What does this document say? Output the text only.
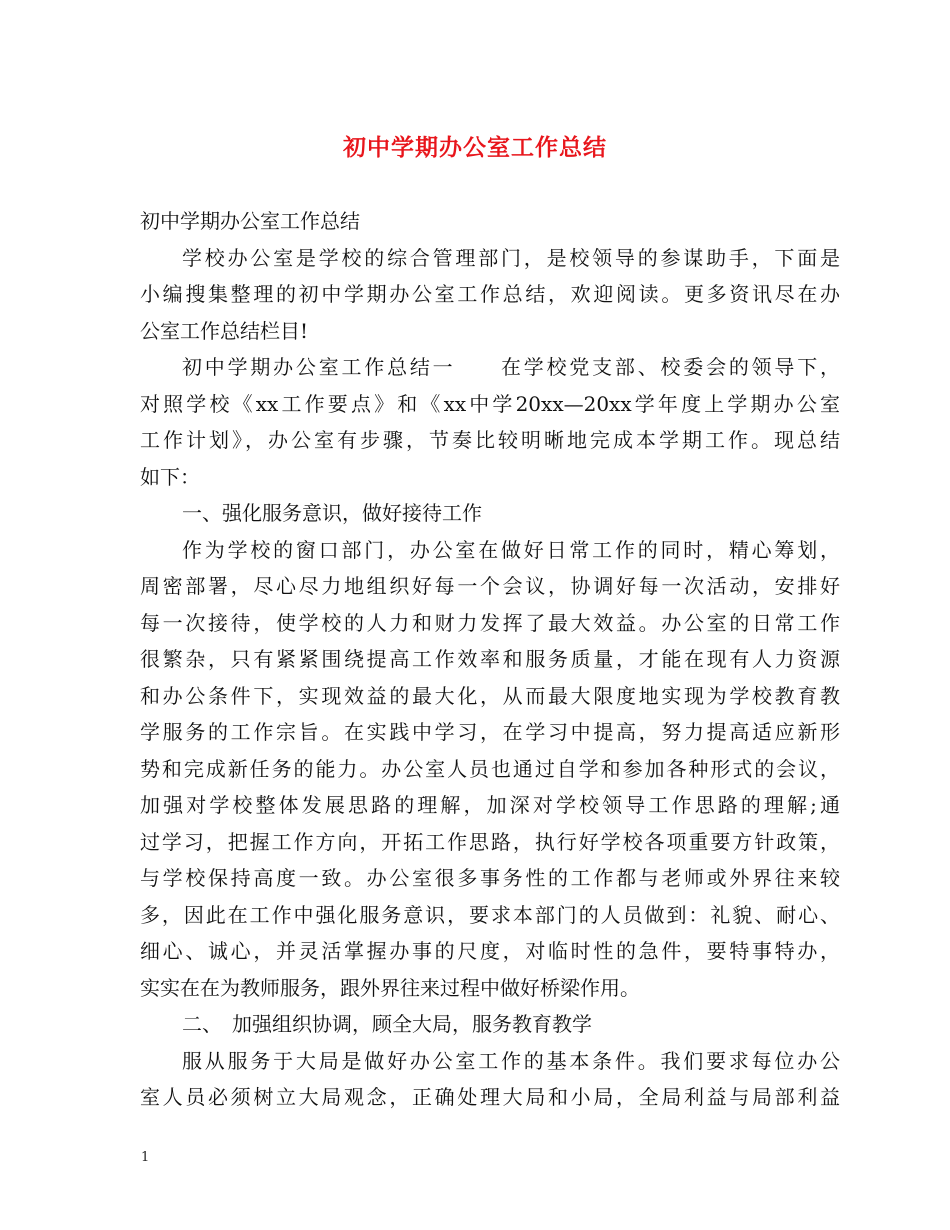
初中学期办公室工作总结

初中学期办公室工作总结

学校办公室是学校的综合管理部门，是校领导的参谋助手，下面是

小编搜集整理的初中学期办公室工作总结，欢迎阅读。更多资讯尽在办

公室工作总结栏目!

初中学期办公室工作总结一　　在学校党支部、校委会的领导下，

对照学校《xx工作要点》和《xx中学20xx—20xx学年度上学期办公室

工作计划》，办公室有步骤，节奏比较明晰地完成本学期工作。现总结

如下：

一、强化服务意识，做好接待工作

作为学校的窗口部门，办公室在做好日常工作的同时，精心筹划，

周密部署，尽心尽力地组织好每一个会议，协调好每一次活动，安排好

每一次接待，使学校的人力和财力发挥了最大效益。办公室的日常工作

很繁杂，只有紧紧围绕提高工作效率和服务质量，才能在现有人力资源

和办公条件下，实现效益的最大化，从而最大限度地实现为学校教育教

学服务的工作宗旨。在实践中学习，在学习中提高，努力提高适应新形

势和完成新任务的能力。办公室人员也通过自学和参加各种形式的会议，

加强对学校整体发展思路的理解，加深对学校领导工作思路的理解;通

过学习，把握工作方向，开拓工作思路，执行好学校各项重要方针政策，

与学校保持高度一致。办公室很多事务性的工作都与老师或外界往来较

多，因此在工作中强化服务意识，要求本部门的人员做到：礼貌、耐心、

细心、诚心，并灵活掌握办事的尺度，对临时性的急件，要特事特办，

实实在在为教师服务，跟外界往来过程中做好桥梁作用。

二、　加强组织协调，顾全大局，服务教育教学

服从服务于大局是做好办公室工作的基本条件。我们要求每位办公

室人员必须树立大局观念，正确处理大局和小局，全局利益与局部利益

1
